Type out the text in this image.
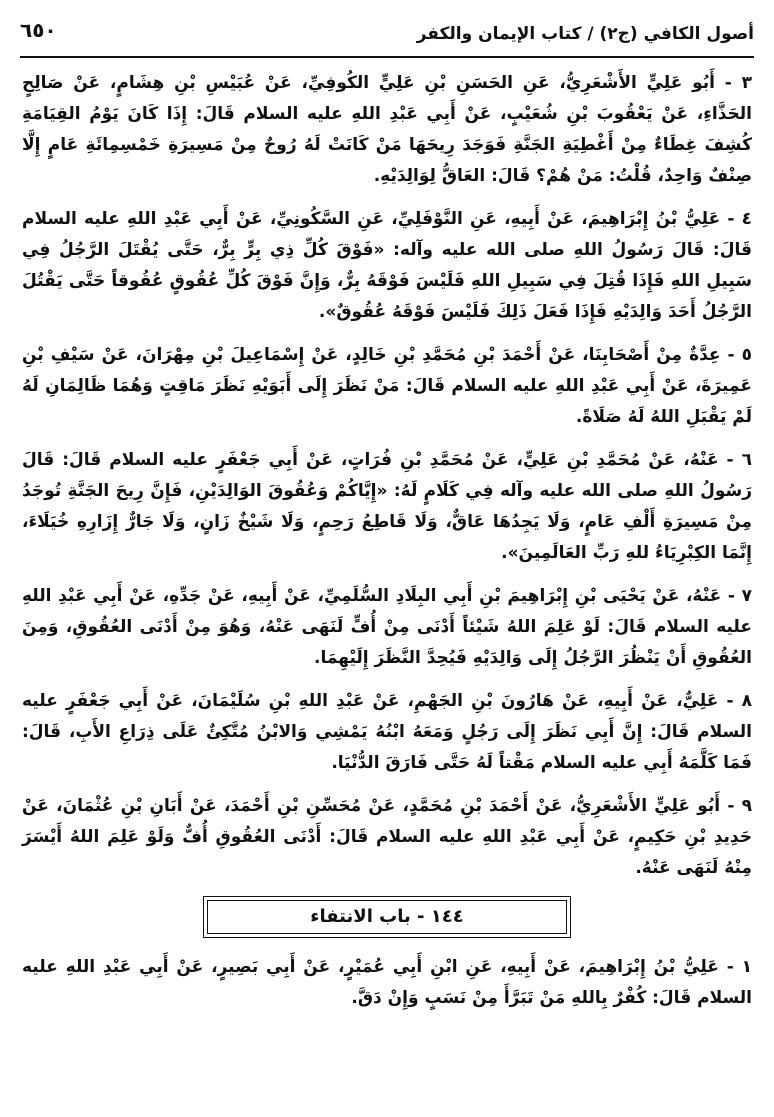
أصول الكافي (ج٢) / كتاب الإيمان والكفر
٦٥٠

٣ - أَبُو عَلِيٍّ الأَشْعَرِيُّ، عَنِ الحَسَنِ بْنِ عَلِيٍّ الكُوفِيِّ، عَنْ عُبَيْسِ بْنِ هِشَامٍ، عَنْ صَالِحٍ الحَذَّاءِ، عَنْ يَعْقُوبَ بْنِ شُعَيْبٍ، عَنْ أَبِي عَبْدِ اللهِ عليه السلام قَالَ: إِذَا كَانَ يَوْمُ القِيَامَةِ كُشِفَ غِطَاءٌ مِنْ أَغْطِيَةِ الجَنَّةِ فَوَجَدَ رِيحَهَا مَنْ كَانَتْ لَهُ رُوحٌ مِنْ مَسِيرَةِ خَمْسِمِائَةِ عَامٍ إِلَّا صِنْفٌ وَاحِدٌ، قُلْتُ: مَنْ هُمْ؟ قَالَ: العَاقُّ لِوَالِدَيْهِ.

٤ - عَلِيُّ بْنُ إِبْرَاهِيمَ، عَنْ أَبِيهِ، عَنِ النَّوْفَلِيِّ، عَنِ السَّكُونِيِّ، عَنْ أَبِي عَبْدِ اللهِ عليه السلام قَالَ: قَالَ رَسُولُ اللهِ صلى الله عليه وآله: «فَوْقَ كُلِّ ذِي بِرٍّ بِرٌّ، حَتَّى يُقْتَلَ الرَّجُلُ فِي سَبِيلِ اللهِ فَإِذَا قُتِلَ فِي سَبِيلِ اللهِ فَلَيْسَ فَوْقَهُ بِرٌّ، وَإِنَّ فَوْقَ كُلِّ عُقُوقٍ عُقُوقاً حَتَّى يَقْتُلَ الرَّجُلُ أَحَدَ وَالِدَيْهِ فَإِذَا فَعَلَ ذَلِكَ فَلَيْسَ فَوْقَهُ عُقُوقٌ».

٥ - عِدَّةٌ مِنْ أَصْحَابِنَا، عَنْ أَحْمَدَ بْنِ مُحَمَّدِ بْنِ خَالِدٍ، عَنْ إِسْمَاعِيلَ بْنِ مِهْرَانَ، عَنْ سَيْفِ بْنِ عَمِيرَةَ، عَنْ أَبِي عَبْدِ اللهِ عليه السلام قَالَ: مَنْ نَظَرَ إِلَى أَبَوَيْهِ نَظَرَ مَاقِتٍ وَهُمَا ظَالِمَانِ لَهُ لَمْ يَقْبَلِ اللهُ لَهُ صَلَاةً.

٦ - عَنْهُ، عَنْ مُحَمَّدِ بْنِ عَلِيٍّ، عَنْ مُحَمَّدِ بْنِ فُرَاتٍ، عَنْ أَبِي جَعْفَرٍ عليه السلام قَالَ: قَالَ رَسُولُ اللهِ صلى الله عليه وآله فِي كَلَامٍ لَهُ: «إِيَّاكُمْ وَعُقُوقَ الوَالِدَيْنِ، فَإِنَّ رِيحَ الجَنَّةِ تُوجَدُ مِنْ مَسِيرَةِ أَلْفِ عَامٍ، وَلَا يَجِدُهَا عَاقٌّ، وَلَا قَاطِعُ رَحِمٍ، وَلَا شَيْخٌ زَانٍ، وَلَا جَارٌّ إِزَارِهِ خُيَلَاءَ، إِنَّمَا الكِبْرِيَاءُ للهِ رَبِّ العَالَمِينَ».

٧ - عَنْهُ، عَنْ يَحْيَى بْنِ إِبْرَاهِيمَ بْنِ أَبِي البِلَادِ السُّلَمِيِّ، عَنْ أَبِيهِ، عَنْ جَدِّهِ، عَنْ أَبِي عَبْدِ اللهِ عليه السلام قَالَ: لَوْ عَلِمَ اللهُ شَيْئاً أَدْنَى مِنْ أُفٍّ لَنَهَى عَنْهُ، وَهُوَ مِنْ أَدْنَى العُقُوقِ، وَمِنَ العُقُوقِ أَنْ يَنْظُرَ الرَّجُلُ إِلَى وَالِدَيْهِ فَيُحِدَّ النَّظَرَ إِلَيْهِمَا.

٨ - عَلِيٌّ، عَنْ أَبِيهِ، عَنْ هَارُونَ بْنِ الجَهْمِ، عَنْ عَبْدِ اللهِ بْنِ سُلَيْمَانَ، عَنْ أَبِي جَعْفَرٍ عليه السلام قَالَ: إِنَّ أَبِي نَظَرَ إِلَى رَجُلٍ وَمَعَهُ ابْنُهُ يَمْشِي وَالابْنُ مُتَّكِئٌ عَلَى ذِرَاعِ الأَبِ، قَالَ: فَمَا كَلَّمَهُ أَبِي عليه السلام مَقْتاً لَهُ حَتَّى فَارَقَ الدُّنْيَا.

٩ - أَبُو عَلِيٍّ الأَشْعَرِيُّ، عَنْ أَحْمَدَ بْنِ مُحَمَّدٍ، عَنْ مُحَسِّنِ بْنِ أَحْمَدَ، عَنْ أَبَانِ بْنِ عُثْمَانَ، عَنْ حَدِيدِ بْنِ حَكِيمٍ، عَنْ أَبِي عَبْدِ اللهِ عليه السلام قَالَ: أَدْنَى العُقُوقِ أُفٌّ وَلَوْ عَلِمَ اللهُ أَيْسَرَ مِنْهُ لَنَهَى عَنْهُ.

١٤٤ - باب الانتفاء

١ - عَلِيُّ بْنُ إِبْرَاهِيمَ، عَنْ أَبِيهِ، عَنِ ابْنِ أَبِي عُمَيْرٍ، عَنْ أَبِي بَصِيرٍ، عَنْ أَبِي عَبْدِ اللهِ عليه السلام قَالَ: كُفْرٌ بِاللهِ مَنْ تَبَرَّأَ مِنْ نَسَبٍ وَإِنْ دَقَّ.
